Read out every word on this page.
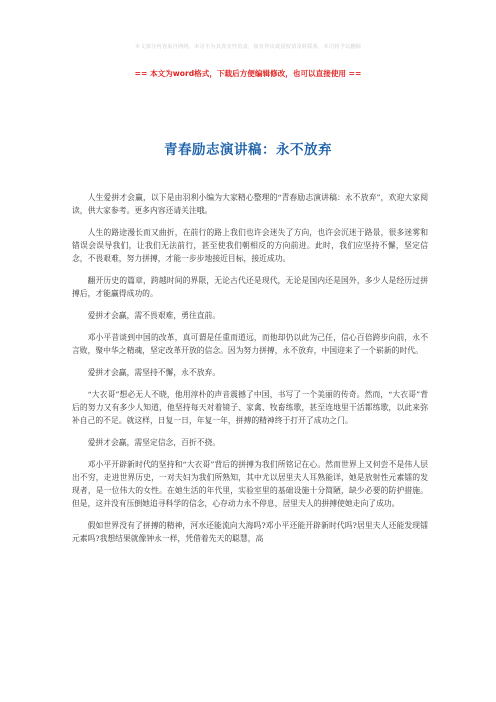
本文部分内容来自网络，本司不为其真实性负责，如有异议或侵权请及时联系，本司将予以删除
== 本文为word格式，下载后方便编辑修改，也可以直接使用 ==
青春励志演讲稿：永不放弃

人生爱拼才会赢，以下是由羽利小编为大家精心整理的“青春励志演讲稿：永不放弃”，欢迎大家阅读，供大家参考。更多内容还请关注哦。

人生的路途漫长而又曲折，在前行的路上我们也许会迷失了方向，也许会沉迷于路景，很多迷雾和错误会误导我们，让我们无法前行，甚至使我们朝相反的方向前进。此时，我们应坚持不懈，坚定信念，不畏艰难，努力拼搏，才能一步步地接近目标，接近成功。

翻开历史的篇章，跨越时间的界限，无论古代还是现代，无论是国内还是国外，多少人是经历过拼搏后，才能赢得成功的。

爱拼才会赢，需不畏艰难，勇往直前。

邓小平昔谈到中国的改革，真可谓是任重而道远，而他却仍以此为己任，信心百倍跨步向前，永不言败，聚中华之精魂，坚定改革开放的信念。因为努力拼搏，永不放弃，中国迎来了一个崭新的时代。

爱拼才会赢，需坚持不懈，永不放弃。

“大衣哥”想必无人不晓，他用淳朴的声音震撼了中国，书写了一个美丽的传奇。然而，“大衣哥”背后的努力又有多少人知道，他坚持每天对着镜子、家禽、牧畜练歌，甚至连地里干活都练歌，以此来弥补自己的不足。就这样，日复一日，年复一年，拼搏的精神终于打开了成功之门。

爱拼才会赢，需坚定信念，百折不挠。

邓小平开辟新时代的坚持和“大衣哥”背后的拼搏为我们所铭记在心。然而世界上又何尝不是伟人层出不穷，走进世界历史，一对夫妇为我们所熟知，其中尤以居里夫人耳熟能详，她是放射性元素镭的发现者，是一位伟大的女性。在她生活的年代里，实验室里的基础设施十分简陋，缺少必要的防护措施。但是，这并没有压倒她追寻科学的信念，心存动力永不停息，居里夫人的拼搏使她走向了成功。

假如世界没有了拼搏的精神，河水还能流向大海吗?邓小平还能开辟新时代吗?居里夫人还能发现镭元素吗?我想结果就像钟永一样，凭借着先天的聪慧，高
